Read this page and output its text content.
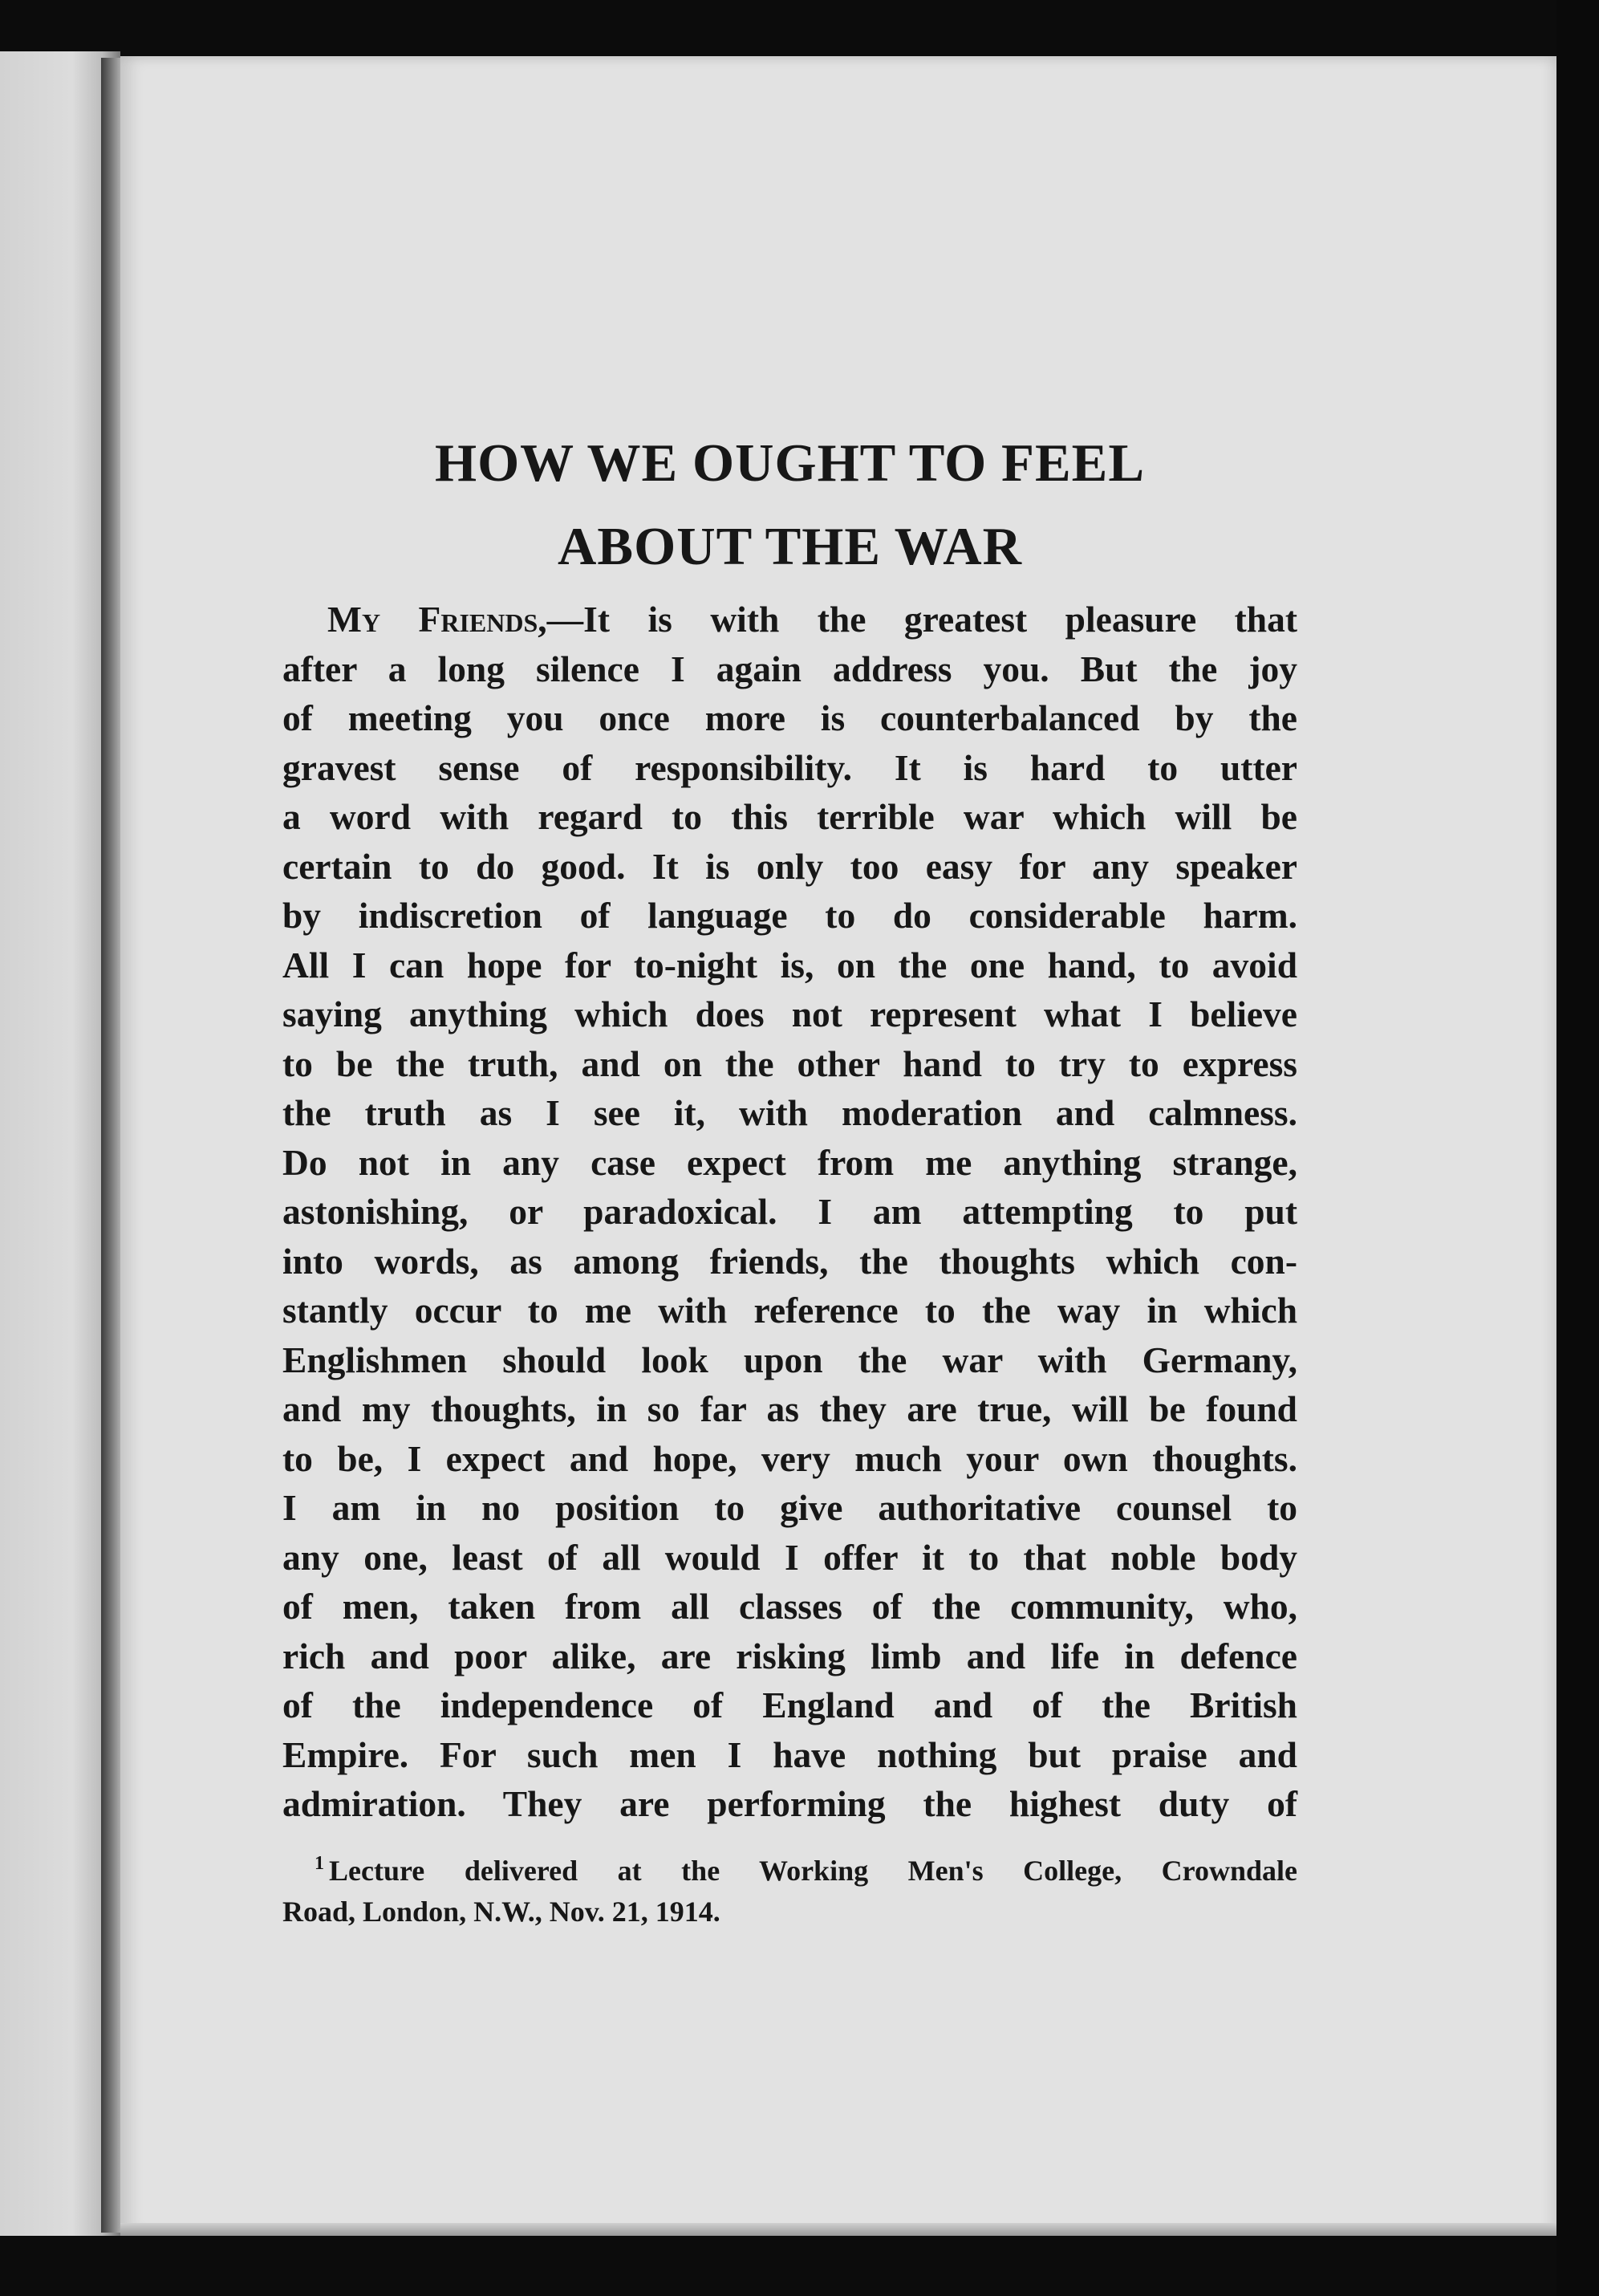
HOW WE OUGHT TO FEEL
ABOUT THE WAR
My Friends,—It is with the greatest pleasure that
after a long silence I again address you. But the joy
of meeting you once more is counterbalanced by the
gravest sense of responsibility. It is hard to utter
a word with regard to this terrible war which will be
certain to do good. It is only too easy for any speaker
by indiscretion of language to do considerable harm.
All I can hope for to-night is, on the one hand, to avoid
saying anything which does not represent what I believe
to be the truth, and on the other hand to try to express
the truth as I see it, with moderation and calmness.
Do not in any case expect from me anything strange,
astonishing, or paradoxical. I am attempting to put
into words, as among friends, the thoughts which con-
stantly occur to me with reference to the way in which
Englishmen should look upon the war with Germany,
and my thoughts, in so far as they are true, will be found
to be, I expect and hope, very much your own thoughts.
I am in no position to give authoritative counsel to
any one, least of all would I offer it to that noble body
of men, taken from all classes of the community, who,
rich and poor alike, are risking limb and life in defence
of the independence of England and of the British
Empire. For such men I have nothing but praise and
admiration. They are performing the highest duty of
$^1$ Lecture delivered at the Working Men's College, Crowndale
Road, London, N.W., Nov. 21, 1914.
